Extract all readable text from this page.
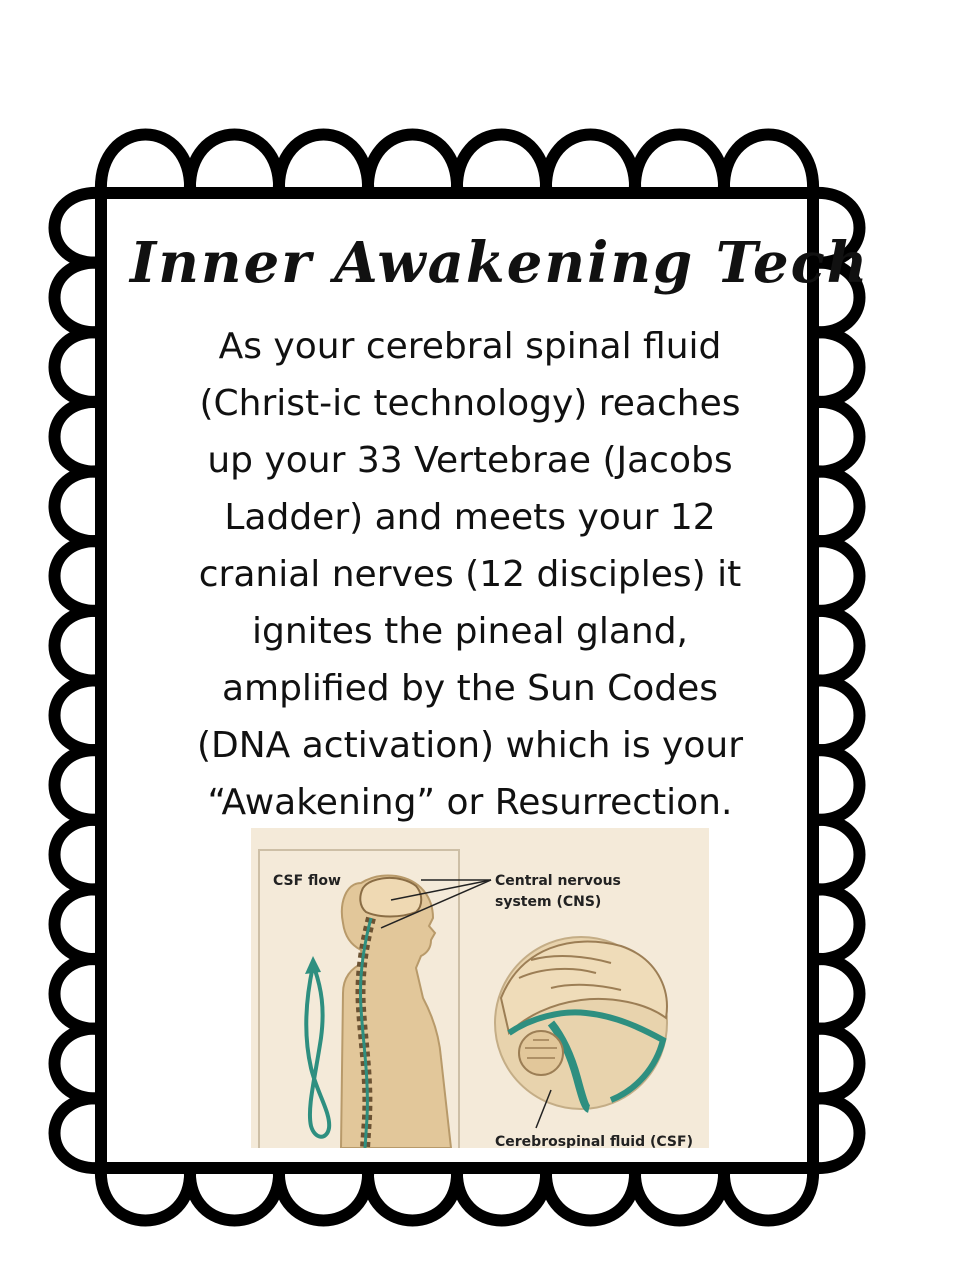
Inner Awakening Tech
As your cerebral spinal fluid
(Christ-ic technology) reaches
up your 33 Vertebrae (Jacobs
Ladder) and meets your 12
cranial nerves (12 disciples) it
ignites the pineal gland,
amplified by the Sun Codes
(DNA activation) which is your
“Awakening” or Resurrection.
CSF flow	Central nervous
system (CNS)
Cerebrospinal fluid (CSF)
